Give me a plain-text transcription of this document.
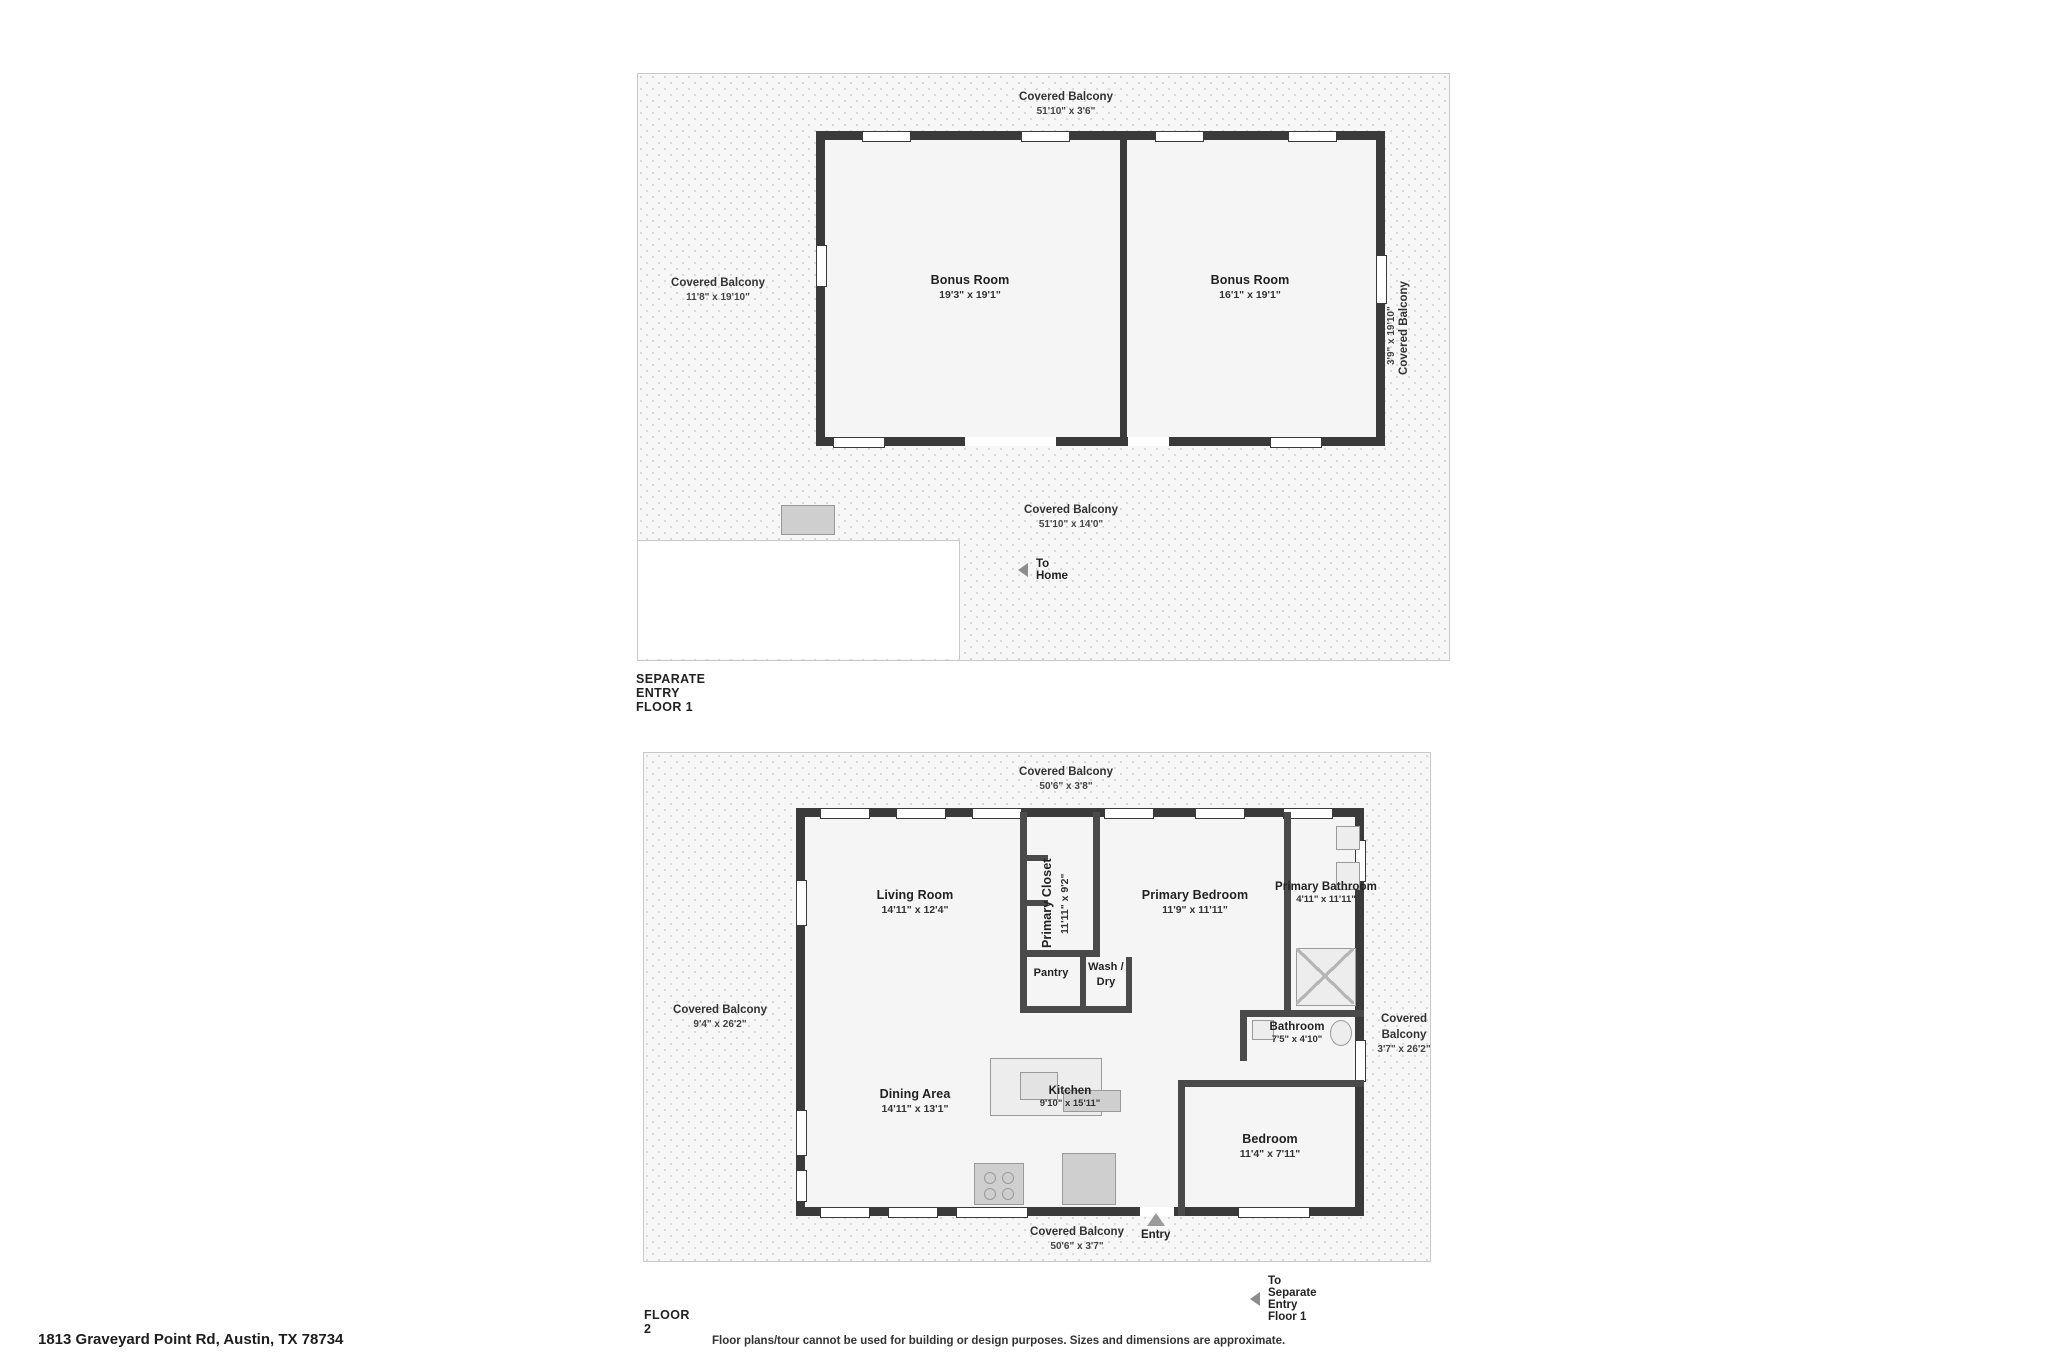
Bonus Room
19'3" x 19'1"
Bonus Room
16'1" x 19'1"
Covered Balcony
51'10" x 3'6"
Covered Balcony
11'8" x 19'10"	Covered Balcony
3'9" x 19'10"
Covered Balcony
51'10" x 14'0"
To Home
SEPARATE ENTRY FLOOR 1
Living Room
14'11" x 12'4"	Primary Closet 11'11" x 9'2"	Primary Bedroom
11'9" x 11'11"
Primary Bathroom
4'11" x 11'11"
Pantry	Wash / Dry
Bathroom
7'5" x 4'10"
Dining Area
14'11" x 13'1"
Kitchen
9'10" x 15'11"
Bedroom
11'4" x 7'11"
Covered Balcony
50'6" x 3'8"
Covered Balcony
9'4" x 26'2"	Covered Balcony
3'7" x 26'2"
Covered Balcony
50'6" x 3'7"
Entry
To Separate Entry Floor 1
FLOOR 2
1813 Graveyard Point Rd, Austin, TX 78734	Floor plans/tour cannot be used for building or design purposes. Sizes and dimensions are approximate.
